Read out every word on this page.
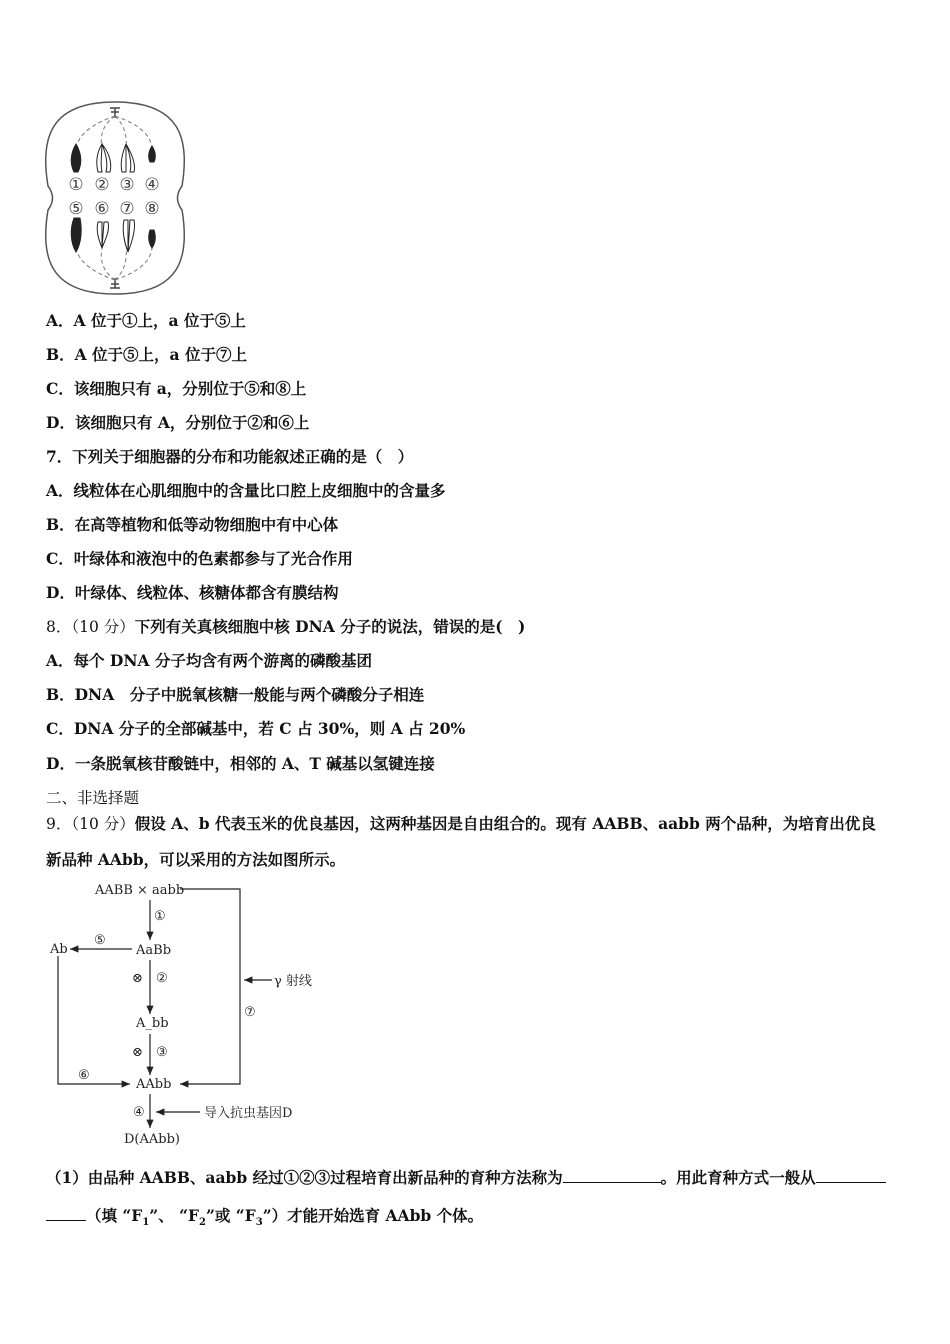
① ② ③ ④
⑤ ⑥ ⑦ ⑧
A．A 位于①上，a 位于⑤上
B．A 位于⑤上，a 位于⑦上
C．该细胞只有 a，分别位于⑤和⑧上
D．该细胞只有 A，分别位于②和⑥上
7．下列关于细胞器的分布和功能叙述正确的是（　）
A．线粒体在心肌细胞中的含量比口腔上皮细胞中的含量多
B．在高等植物和低等动物细胞中有中心体
C．叶绿体和液泡中的色素都参与了光合作用
D．叶绿体、线粒体、核糖体都含有膜结构
8．（10 分）下列有关真核细胞中核 DNA 分子的说法，错误的是(　)
A．每个 DNA 分子均含有两个游离的磷酸基团
B．DNA　分子中脱氧核糖一般能与两个磷酸分子相连
C．DNA 分子的全部碱基中，若 C 占 30%，则 A 占 20%
D．一条脱氧核苷酸链中，相邻的 A、T 碱基以氢键连接
二、非选择题
9．（10 分）假设 A、b 代表玉米的优良基因，这两种基因是自由组合的。现有 AABB、aabb 两个品种，为培育出优良
新品种 AAbb，可以采用的方法如图所示。
AABB × aabb
AaBb
Ab
A_bb
AAbb
D(AAbb)
γ 射线
导入抗虫基因D
①
②
③
④
⑤
⑥
⑦
⊗
⊗
（1）由品种 AABB、aabb 经过①②③过程培育出新品种的育种方法称为	。用此育种方式一般从
（填 “$F_1$”、 “$F_2$”或 “$F_3$”）才能开始选育 AAbb 个体。
